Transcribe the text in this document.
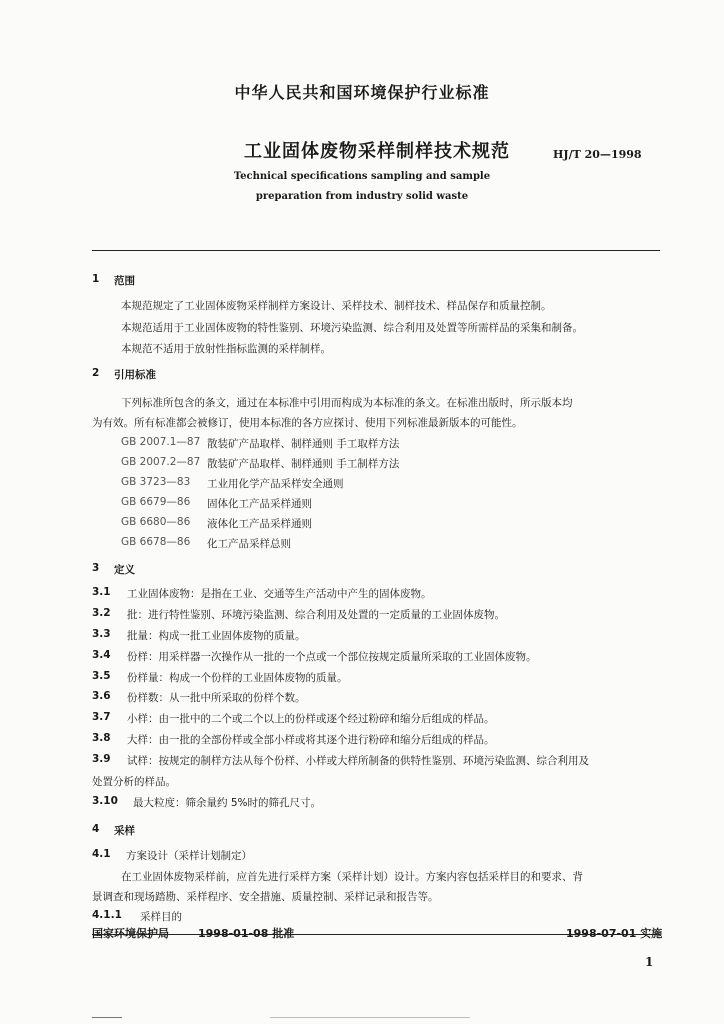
中华人民共和国环境保护行业标准
工业固体废物采样制样技术规范	HJ/T 20—1998
Technical specifications sampling and sample
preparation from industry solid waste
1 范围
本规范规定了工业固体废物采样制样方案设计、采样技术、制样技术、样品保存和质量控制。
本规范适用于工业固体废物的特性鉴别、环境污染监测、综合利用及处置等所需样品的采集和制备。
本规范不适用于放射性指标监测的采样制样。
2 引用标准
下列标准所包含的条文，通过在本标准中引用而构成为本标准的条文。在标准出版时，所示版本均
为有效。所有标准都会被修订，使用本标准的各方应探讨、使用下列标准最新版本的可能性。
GB 2007.1—87 散装矿产品取样、制样通则 手工取样方法
GB 2007.2—87 散装矿产品取样、制样通则 手工制样方法
GB 3723—83 工业用化学产品采样安全通则
GB 6679—86 固体化工产品采样通则
GB 6680—86 液体化工产品采样通则
GB 6678—86 化工产品采样总则
3 定义
3.1 工业固体废物：是指在工业、交通等生产活动中产生的固体废物。
3.2 批：进行特性鉴别、环境污染监测、综合利用及处置的一定质量的工业固体废物。
3.3 批量：构成一批工业固体废物的质量。
3.4 份样：用采样器一次操作从一批的一个点或一个部位按规定质量所采取的工业固体废物。
3.5 份样量：构成一个份样的工业固体废物的质量。
3.6 份样数：从一批中所采取的份样个数。
3.7 小样：由一批中的二个或二个以上的份样或逐个经过粉碎和缩分后组成的样品。
3.8 大样：由一批的全部份样或全部小样或将其逐个进行粉碎和缩分后组成的样品。
3.9 试样：按规定的制样方法从每个份样、小样或大样所制备的供特性鉴别、环境污染监测、综合利用及
处置分析的样品。
3.10 最大粒度：筛余量约 5%时的筛孔尺寸。
4 采样
4.1 方案设计（采样计划制定）
在工业固体废物采样前，应首先进行采样方案（采样计划）设计。方案内容包括采样目的和要求、背
景调查和现场踏勘、采样程序、安全措施、质量控制、采样记录和报告等。
4.1.1 采样目的
国家环境保护局	1998-01-08 批准	1998-07-01 实施
1
